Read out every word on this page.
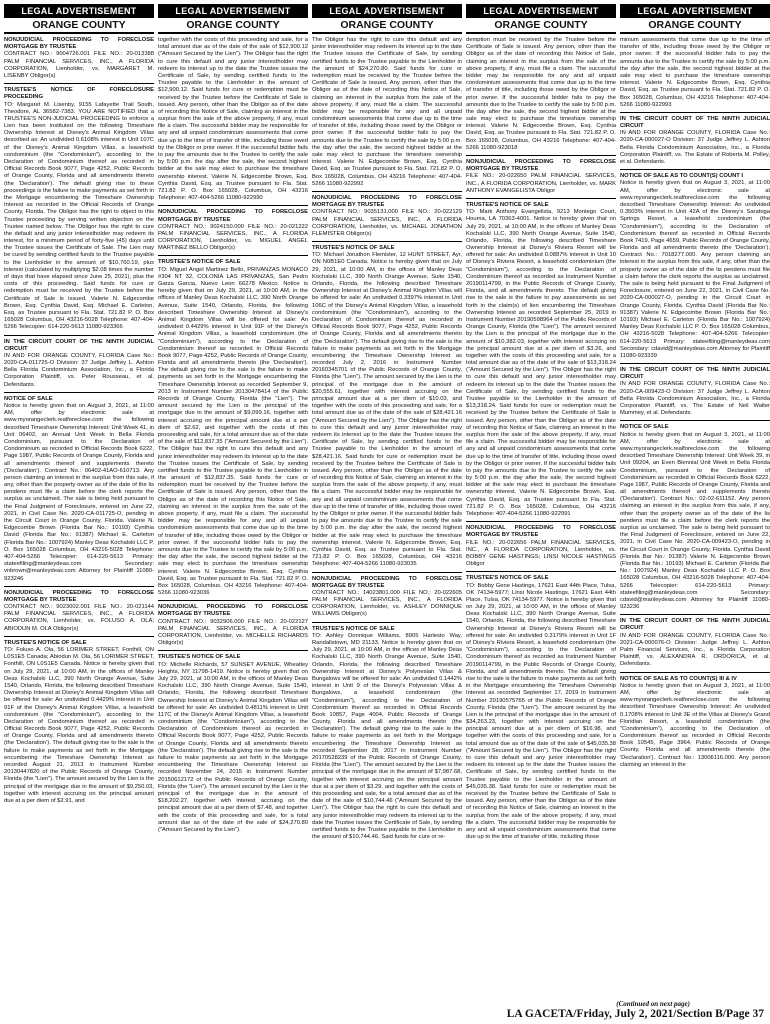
LEGAL ADVERTISEMENT
ORANGE COUNTY

NONJUDICIAL PROCEEDING TO FORECLOSE MORTGAGE BY TRUSTEE

CONTRACT NO.: 9004726.001 FILE NO.: 20-013388 PALM FINANCIAL SERVICES, INC., A FLORIDA CORPORATION, Lienholder, vs. MARGARET M. LISENBY Obligor(s)

TRUSTEE'S NOTICE OF FORECLOSURE PROCEEDING

TO: Margaret M. Lisenby, 9155 Lafayette Trail South, Theodore, AL 36582-7383. YOU ARE NOTIFIED that a TRUSTEE'S NON-JUDICIAL PROCEEDING to enforce a Lien has been instituted on the following Timeshare Ownership Interest at Disney's Animal Kingdom Villas described as: An undivided 0.6108% interest in Unit 107C of the Disney's Animal Kingdom Villas, a leasehold condominium (the "Condominium"), according to the Declaration of Condominium thereof as recorded in Official Records Book 9077, Page 4252, Public Records of Orange County, Florida and all amendments thereto (the 'Declaration'). The default giving rise to these proceedings is the failure to make payments as set forth in the Mortgage encumbering the Timeshare Ownership Interest as recorded in the Official Records of Orange County, Florida. The Obligor has the right to object to this Trustee proceeding by serving written objection on the Trustee named below. The Obligor has the right to cure the default and any junior interestholder may redeem its interest, for a minimum period of forty-five (45) days until the Trustee issues the Certificate of Sale. The Lien may be cured by sending certified funds to the Trustee payable to the Lienholder in the amount of $10,760.19, plus interest (calculated by multiplying $2.08 times the number of days that have elapsed since June 25, 2021), plus the costs of this proceeding. Said funds for cure or redemption must be received by the Trustee before the Certificate of Sale is issued. Valerie N. Edgecombe Brown, Esq. Cynthia David, Esq. Michael E. Carleton, Esq. as Trustee pursuant to Fla. Stat. 721.82 P. O. Box 165028 Columbus, OH 43216-5028 Telephone: 407-404-5266 Telecopier: 614-220-5613 11080-923366

IN THE CIRCUIT COURT OF THE NINTH JUDICIAL CIRCUIT

IN AND FOR ORANGE COUNTY, FLORIDA Case No.: 2020-CA-011725-O Division: 37 Judge Jeffrey L. Ashton Bella Florida Condominium Association, Inc., a Florida Corporation Plaintiff, vs. Peter Rousseau, et al. Defendants.

NOTICE OF SALE

Notice is hereby given that on August 3, 2021, at 11:00 AM, offer by electronic sale at www.myorangeclerk.realforeclose.com the following described Timeshare Ownership Interest: Unit Week 41, in Unit 06402, an Annual Unit Week in Bella Florida Condominium, pursuant to the Declaration of Condominium as recorded in Official Records Book 6222, Page 1987, Public Records of Orange County, Florida and all amendments thereof and supplements thereto ('Declaration'). Contract No.: 06402-41AO-610713. Any person claiming an interest in the surplus from this sale, if any, other than the property owner as of the date of the lis pendens must file a claim before the clerk reports the surplus as unclaimed. The sale is being held pursuant to the Final Judgment of Foreclosure, entered on June 22, 2021, in Civil Case No. 2020-CA-011725-O, pending in the Circuit Court in Orange County, Florida. Valerie N. Edgecombe Brown (Florida Bar No.: 10193) Cynthia David (Florida Bar No.: 91387) Michael E. Carleton (Florida Bar No.: 1007924) Manley Deas Kochalski LLC P. O. Box 165028 Columbus, OH 43216-5028 Telephone: 407-404-5266 Telecopier: 614-220-5613 Primary: stateefiling@manleydeas.com Secondary: vnbrown@manleydeas.com Attorney for Plaintiff 11080-923246

NONJUDICIAL PROCEEDING TO FORECLOSE MORTGAGE BY TRUSTEE

CONTRACT NO.: 9023002.001 FILE NO.: 20-021144 PALM FINANCIAL SERVICES, INC., A FLORIDA CORPORATION, Lienholder, vs. FOLUSO A. OLA; ABIODUN M. OLA Obligor(s)

TRUSTEE'S NOTICE OF SALE

TO: Foluso A. Ola, 56 LORIMER STREET, Fonthill, ON L0S1E5 Canada; Abiodun M. Ola, 56 LORIMER STREET, Fonthill, ON L0S1E5 Canada. Notice is hereby given that on July 29, 2021, at 10:00 AM, in the offices of Manley Deas Kochalski LLC, 390 North Orange Avenue, Suite 1540, Orlando, Florida, the following described Timeshare Ownership Interest at Disney's Animal Kingdom Villas will be offered for sale: An undivided 0.4429% interest in Unit 91F of the Disney's Animal Kingdom Villas, a leasehold condominium (the "Condominium"), according to the Declaration of Condominium thereof as recorded in Official Records Book 9077, Page 4252, Public Records of Orange County, Florida and all amendments thereto (the 'Declaration'). The default giving rise to the sale is the failure to make payments as set forth in the Mortgage encumbering the Timeshare Ownership Interest as recorded August 21, 2013 in Instrument Number 20130447820 of the Public Records of Orange County, Florida (the "Lien"). The amount secured by the Lien is the principal of the mortgage due in the amount of $9,250.03, together with interest accruing on the principal amount due at a per diem of $2.91, and

LEGAL ADVERTISEMENT
ORANGE COUNTY

together with the costs of this proceeding and sale, for a total amount due as of the date of the sale of $12,900.12 ("Amount Secured by the Lien"). The Obligor has the right to cure this default and any junior interestholder may redeem its interest up to the date the Trustee issues the Certificate of Sale, by sending certified funds to the Trustee payable to the Lienholder in the amount of $12,900.12. Said funds for cure or redemption must be received by the Trustee before the Certificate of Sale is issued. Any person, other than the Obligor as of the date of recording this Notice of Sale, claiming an interest in the surplus from the sale of the above property, if any, must file a claim. The successful bidder may be responsible for any and all unpaid condominium assessments that come due up to the time of transfer of title, including those owed by the Obligor or prior owner. If the successful bidder fails to pay the amounts due to the Trustee to certify the sale by 5:00 p.m. the day after the sale, the second highest bidder at the sale may elect to purchase the timeshare ownership interest. Valerie N. Edgecombe Brown, Esq. Cynthia David, Esq. as Trustee pursuant to Fla. Stat. 721.82 P. O. Box 165028, Columbus, OH 43216 Telephone: 407-404-5266 11080-922990

NONJUDICIAL PROCEEDING TO FORECLOSE MORTGAGE BY TRUSTEE

CONTRACT NO.: 9024150.000 FILE NO.: 20-021222 PALM FINANCIAL SERVICES, INC., A FLORIDA CORPORATION, Lienholder, vs. MIGUEL ANGEL MARTINEZ BELLO Obligor(s)

TRUSTEE'S NOTICE OF SALE

TO: Miguel Angel Martinez Bello, PRIVANZAS MONACO #304 NT 32, COLONIA LAS PRIVANZAS, San Pedro Garza Garcia, Nuevo Leon 66278 Mexico. Notice is hereby given that on July 29, 2021, at 10:00 AM, in the offices of Manley Deas Kochalski LLC, 390 North Orange Avenue, Suite 1540, Orlando, Florida, the following described Timeshare Ownership Interest at Disney's Animal Kingdom Villas will be offered for sale: An undivided 0.4429% interest in Unit 91F of the Disney's Animal Kingdom Villas, a leasehold condominium (the "Condominium"), according to the Declaration of Condominium thereof as recorded in Official Records Book 9077, Page 4252, Public Records of Orange County, Florida and all amendments thereto (the 'Declaration'). The default giving rise to the sale is the failure to make payments as set forth in the Mortgage encumbering the Timeshare Ownership Interest as recorded September 9, 2013 in Instrument Number 20130478414 of the Public Records of Orange County, Florida (the "Lien"). The amount secured by the Lien is the principal of the mortgage due in the amount of $9,099.16, together with interest accruing on the principal amount due at a per diem of $2.62, and together with the costs of this proceeding and sale, for a total amount due as of the date of the sale of $12,837.35 ("Amount Secured by the Lien"). The Obligor has the right to cure this default and any junior interestholder may redeem its interest up to the date the Trustee issues the Certificate of Sale, by sending certified funds to the Trustee payable to the Lienholder in the amount of $12,837.35. Said funds for cure or redemption must be received by the Trustee before the Certificate of Sale is issued. Any person, other than the Obligor as of the date of recording this Notice of Sale, claiming an interest in the surplus from the sale of the above property, if any, must file a claim. The successful bidder may be responsible for any and all unpaid condominium assessments that come due up to the time of transfer of title, including those owed by the Obligor or prior owner. If the successful bidder fails to pay the amounts due to the Trustee to certify the sale by 5:00 p.m. the day after the sale, the second highest bidder at the sale may elect to purchase the timeshare ownership interest. Valerie N. Edgecombe Brown, Esq. Cynthia David, Esq. as Trustee pursuant to Fla. Stat. 721.82 P. O. Box 165028, Columbus, OH 43216 Telephone: 407-404-5266 11080-923036

NONJUDICIAL PROCEEDING TO FORECLOSE MORTGAGE BY TRUSTEE

CONTRACT NO.: 9032906.000 FILE NO.: 20-022127 PALM FINANCIAL SERVICES, INC., A FLORIDA CORPORATION, Lienholder, vs. MICHELLE RICHARDS Obligor(s)

TRUSTEE'S NOTICE OF SALE

TO: Michelle Richards, 57 SUNSET AVENUE, Wheatley Heights, NY 11798-1419. Notice is hereby given that on July 29, 2021, at 10:00 AM, in the offices of Manley Deas Kochalski LLC, 390 North Orange Avenue, Suite 1540, Orlando, Florida, the following described Timeshare Ownership Interest at Disney's Animal Kingdom Villas will be offered for sale: An undivided 0.4811% interest in Unit 117C of the Disney's Animal Kingdom Villas, a leasehold condominium (the "Condominium"), according to the Declaration of Condominium thereof as recorded in Official Records Book 9077, Page 4252, Public Records of Orange County, Florida and all amendments thereto (the 'Declaration'). The default giving rise to the sale is the failure to make payments as set forth in the Mortgage encumbering the Timeshare Ownership Interest as recorded November 24, 2015 in Instrument Number 20150612172 of the Public Records of Orange County, Florida (the "Lien"). The amount secured by the Lien is the principal of the mortgage due in the amount of $18,202.27, together with interest accruing on the principal amount due at a per diem of $7.48, and together with the costs of this proceeding and sale, for a total amount due as of the date of the sale of $24,270.80 ("Amount Secured by the Lien").

LEGAL ADVERTISEMENT
ORANGE COUNTY

The Obligor has the right to cure this default and any junior interestholder may redeem its interest up to the date the Trustee issues the Certificate of Sale, by sending certified funds to the Trustee payable to the Lienholder in the amount of $24,270.80. Said funds for cure or redemption must be received by the Trustee before the Certificate of Sale is issued. Any person, other than the Obligor as of the date of recording this Notice of Sale, claiming an interest in the surplus from the sale of the above property, if any, must file a claim. The successful bidder may be responsible for any and all unpaid condominium assessments that come due up to the time of transfer of title, including those owed by the Obligor or prior owner. If the successful bidder fails to pay the amounts due to the Trustee to certify the sale by 5:00 p.m. the day after the sale, the second highest bidder at the sale may elect to purchase the timeshare ownership interest. Valerie N. Edgecombe Brown, Esq. Cynthia David, Esq. as Trustee pursuant to Fla. Stat. 721.82 P. O. Box 165028, Columbus, OH 43216 Telephone: 407-404-5266 11080-922992

NONJUDICIAL PROCEEDING TO FORECLOSE MORTGAGE BY TRUSTEE

CONTRACT NO.: 9035131.000 FILE NO.: 20-022129 PALM FINANCIAL SERVICES, INC., A FLORIDA CORPORATION, Lienholder, vs. MICHAEL JONATHON FLEMISTER Obligor(s)

TRUSTEE'S NOTICE OF SALE

TO: Michael Jonathon Flemister, 12 HUNT STREET, Ayr, ON N0B1E0 Canada. Notice is hereby given that on July 29, 2021, at 10:00 AM, in the offices of Manley Deas Kochalski LLC, 390 North Orange Avenue, Suite 1540, Orlando, Florida, the following described Timeshare Ownership Interest at Disney's Animal Kingdom Villas will be offered for sale: An undivided 0.3397% interest in Unit 106C of the Disney's Animal Kingdom Villas, a leasehold condominium (the "Condominium"), according to the Declaration of Condominium thereof as recorded in Official Records Book 9077, Page 4252, Public Records of Orange County, Florida and all amendments thereto (the 'Declaration'). The default giving rise to the sale is the failure to make payments as set forth in the Mortgage encumbering the Timeshare Ownership Interest as recorded July 2, 2016 in Instrument Number 20160345701 of the Public Records of Orange County, Florida (the "Lien"). The amount secured by the Lien is the principal of the mortgage due in the amount of $20,555.61, together with interest accruing on the principal amount due at a per diem of $10.03, and together with the costs of this proceeding and sale, for a total amount due as of the date of the sale of $28,421.16 ("Amount Secured by the Lien"). The Obligor has the right to cure this default and any junior interestholder may redeem its interest up to the date the Trustee issues the Certificate of Sale, by sending certified funds to the Trustee payable to the Lienholder in the amount of $28,421.16. Said funds for cure or redemption must be received by the Trustee before the Certificate of Sale is issued. Any person, other than the Obligor as of the date of recording this Notice of Sale, claiming an interest in the surplus from the sale of the above property, if any, must file a claim. The successful bidder may be responsible for any and all unpaid condominium assessments that come due up to the time of transfer of title, including those owed by the Obligor or prior owner. If the successful bidder fails to pay the amounts due to the Trustee to certify the sale by 5:00 p.m. the day after the sale, the second highest bidder at the sale may elect to purchase the timeshare ownership interest. Valerie N. Edgecombe Brown, Esq. Cynthia David, Esq. as Trustee pursuant to Fla. Stat. 721.82 P. O. Box 165028, Columbus, OH 43216 Telephone: 407-404-5266 11080-923035

NONJUDICIAL PROCEEDING TO FORECLOSE MORTGAGE BY TRUSTEE

CONTRACT NO.: 14023801.000 FILE NO.: 20-022605 PALM FINANCIAL SERVICES, INC., A FLORIDA CORPORATION, Lienholder, vs. ASHLEY DONNIQUE WILLIAMS Obligor(s)

TRUSTEE'S NOTICE OF SALE

TO: Ashley Donnique Williams, 8905 Harlesto Way, Randallstown, MD 21133. Notice is hereby given that on July 29, 2021, at 10:00 AM, in the offices of Manley Deas Kochalski LLC, 390 North Orange Avenue, Suite 1540, Orlando, Florida, the following described Timeshare Ownership Interest at Disney's Polynesian Villas & Bungalows will be offered for sale: An undivided 0.1442% interest in Unit 9 of the Disney's Polynesian Villas & Bungalows, a leasehold condominium (the "Condominium"), according to the Declaration of Condominium thereof as recorded in Official Records Book 10857, Page 4004, Public Records of Orange County, Florida and all amendments thereto (the 'Declaration'). The default giving rise to the sale is the failure to make payments as set forth in the Mortgage encumbering the Timeshare Ownership Interest as recorded September 28, 2017 in Instrument Number 20170528239 of the Public Records of Orange County, Florida (the "Lien"). The amount secured by the Lien is the principal of the mortgage due in the amount of $7,987.68, together with interest accruing on the principal amount due at a per diem of $3.29, and together with the costs of this proceeding and sale, for a total amount due as of the date of the sale of $10,744.46 ("Amount Secured by the Lien"). The Obligor has the right to cure this default and any junior interestholder may redeem its interest up to the date the Trustee issues the Certificate of Sale, by sending certified funds to the Trustee payable to the Lienholder in the amount of $10,744.46. Said funds for cure or re-

LEGAL ADVERTISEMENT
ORANGE COUNTY

demption must be received by the Trustee before the Certificate of Sale is issued. Any person, other than the Obligor as of the date of recording this Notice of Sale, claiming an interest in the surplus from the sale of the above property, if any, must file a claim. The successful bidder may be responsible for any and all unpaid condominium assessments that come due up to the time of transfer of title, including those owed by the Obligor or prior owner. If the successful bidder fails to pay the amounts due to the Trustee to certify the sale by 5:00 p.m. the day after the sale, the second highest bidder at the sale may elect to purchase the timeshare ownership interest. Valerie N. Edgecombe Brown, Esq. Cynthia David, Esq. as Trustee pursuant to Fla. Stat. 721.82 P. O. Box 165028, Columbus, OH 43216 Telephone: 407-404-5266 11080-923018

NONJUDICIAL PROCEEDING TO FORECLOSE MORTGAGE BY TRUSTEE

FILE NO.: 20-022650 PALM FINANCIAL SERVICES, INC., A FLORIDA CORPORATION, Lienholder, vs. MARK ANTHONY EVANGELISTA Obligor

TRUSTEE'S NOTICE OF SALE

TO: Mark Anthony Evangelista, 9213 Montego Court, Houma, LA 70363-4001. Notice is hereby given that on July 29, 2021, at 10:00 AM, in the offices of Manley Deas Kochalski LLC, 390 North Orange Avenue, Suite 1540, Orlando, Florida, the following described Timeshare Ownership Interest at Disney's Riviera Resort will be offered for sale: An undivided 0.0887% interest in Unit 10 of Disney's Riviera Resort, a leasehold condominium (the "Condominium"), according to the Declaration of Condominium thereof as recorded as Instrument Number 20190114799, in the Public Records of Orange County, Florida, and all amendments thereto. The default giving rise to the sale is the failure to pay assessments as set forth in the claim(s) of lien encumbering the Timeshare Ownership Interest as recorded September 25, 2019 in Instrument Number 20190598964 of the Public Records of Orange County, Florida (the "Lien"). The amount secured by the Lien is the principal of the mortgage due in the amount of $10,382.03, together with interest accruing on the principal amount due at a per diem of $3.26, and together with the costs of this proceeding and sale, for a total amount due as of the date of the sale of $13,318.24 ("Amount Secured by the Lien"). The Obligor has the right to cure this default and any junior interestholder may redeem its interest up to the date the Trustee issues the Certificate of Sale, by sending certified funds to the Trustee payable to the Lienholder in the amount of $13,318.24. Said funds for cure or redemption must be received by the Trustee before the Certificate of Sale is issued. Any person, other than the Obligor as of the date of recording this Notice of Sale, claiming an interest in the surplus from the sale of the above property, if any, must file a claim. The successful bidder may be responsible for any and all unpaid condominium assessments that come due up to the time of transfer of title, including those owed by the Obligor or prior owner. If the successful bidder fails to pay the amounts due to the Trustee to certify the sale by 5:00 p.m. the day after the sale, the second highest bidder at the sale may elect to purchase the timeshare ownership interest. Valerie N. Edgecombe Brown, Esq. Cynthia David, Esq. as Trustee pursuant to Fla. Stat. 721.82 P. O. Box 165028, Columbus, OH 43216 Telephone: 407-404-5266 11080-922991

NONJUDICIAL PROCEEDING TO FORECLOSE MORTGAGE BY TRUSTEE

FILE NO.: 20-022656 PALM FINANCIAL SERVICES, INC., A FLORIDA CORPORATION, Lienholder, vs. BOBBY GENE HASTINGS; LINSI NICOLE HASTINGS Obligor

TRUSTEE'S NOTICE OF SALE

TO: Bobby Gene Hastings, 17621 East 44th Place, Tulsa, OK 74134-5977; Linsi Nicole Hastings, 17621 East 44th Place, Tulsa, OK 74134-5977. Notice is hereby given that on July 29, 2021, at 10:00 AM, in the offices of Manley Deas Kochalski LLC, 390 North Orange Avenue, Suite 1540, Orlando, Florida, the following described Timeshare Ownership Interest at Disney's Riviera Resort will be offered for sale: An undivided 0.3179% interest in Unit 1F of Disney's Riviera Resort, a leasehold condominium (the "Condominium"), according to the Declaration of Condominium thereof as recorded as Instrument Number 20190114799, in the Public Records of Orange County, Florida, and all amendments thereto. The default giving rise to the sale is the failure to make payments as set forth in the Mortgage encumbering the Timeshare Ownership Interest as recorded September 17, 2019 in Instrument Number 20190575765 of the Public Records of Orange County, Florida (the "Lien"). The amount secured by the Lien is the principal of the mortgage due in the amount of $34,263.23, together with interest accruing on the principal amount due at a per diem of $16.98, and together with the costs of this proceeding and sale, for a total amount due as of the date of the sale of $45,035.38 ("Amount Secured by the Lien"). The Obligor has the right to cure this default and any junior interestholder may redeem its interest up to the date the Trustee issues the Certificate of Sale, by sending certified funds to the Trustee payable to the Lienholder in the amount of $45,035.38. Said funds for cure or redemption must be received by the Trustee before the Certificate of Sale is issued. Any person, other than the Obligor as of the date of recording this Notice of Sale, claiming an interest in the surplus from the sale of the above property, if any, must file a claim. The successful bidder may be responsible for any and all unpaid condominium assessments that come due up to the time of transfer of title, including those

LEGAL ADVERTISEMENT
ORANGE COUNTY

minium assessments that come due up to the time of transfer of title, including those owed by the Obligor or prior owner. If the successful bidder fails to pay the amounts due to the Trustee to certify the sale by 5:00 p.m. the day after the sale, the second highest bidder at the sale may elect to purchase the timeshare ownership interest. Valerie N. Edgecombe Brown, Esq. Cynthia David, Esq. as Trustee pursuant to Fla. Stat. 721.82 P. O. Box 165028, Columbus, OH 43216 Telephone: 407-404-5266 11080-922993

IN THE CIRCUIT COURT OF THE NINTH JUDICIAL CIRCUIT

IN AND FOR ORANGE COUNTY, FLORIDA Case No.: 2020-CA-000027-O Division: 37 Judge Jeffrey L. Ashton Bella Florida Condominium Association, Inc., a Florida Corporation Plaintiff, vs. The Estate of Roberta M. Polley, et al. Defendants.

NOTICE OF SALE AS TO COUNT(S) COUNT I

Notice is hereby given that on August 3, 2021, at 11:00 AM, offer by electronic sale at www.myorangeclerk.realforeclose.com the following described Timeshare Ownership Interest: An undivided 0.3503% interest in Unit 42A of the Disney's Saratoga Springs Resort, a leasehold condominium (the "Condominium"), according to the Declaration of Condominium thereof as recorded in Official Records Book 7419, Page 4659, Public Records of Orange County, Florida and all amendments thereto (the 'Declaration'). Contract No.: 7018277.000. Any person claiming an interest in the surplus from this sale, if any, other than the property owner as of the date of the lis pendens must file a claim before the clerk reports the surplus as unclaimed. The sale is being held pursuant to the Final Judgment of Foreclosure, entered on June 22, 2021, in Civil Case No. 2020-CA-000027-O, pending in the Circuit Court in Orange County, Florida. Cynthia David (Florida Bar No.: 91387) Valerie N. Edgecombe Brown (Florida Bar No.: 10193) Michael E. Carleton (Florida Bar No.: 1007924) Manley Deas Kochalski LLC P. O. Box 165028 Columbus, OH 43216-5028 Telephone: 407-404-5266 Telecopier: 614-220-5613 Primary: stateefiling@manleydeas.com Secondary: cdavid@manleydeas.com Attorney for Plaintiff 11080-923339

IN THE CIRCUIT COURT OF THE NINTH JUDICIAL CIRCUIT

IN AND FOR ORANGE COUNTY, FLORIDA Case No.: 2020-CA-009423-O Division: 37 Judge Jeffrey L. Ashton Bella Florida Condominium Association, Inc., a Florida Corporation Plaintiff, vs. The Estate of Neil Walter Mummey, et al. Defendants.

NOTICE OF SALE

Notice is hereby given that on August 3, 2021, at 11:00 AM, offer by electronic sale at www.myorangeclerk.realforeclose.com the following described Timeshare Ownership Interest: Unit Week 39, in Unit 09204, an Even Biennial Unit Week in Bella Florida Condominium, pursuant to the Declaration of Condominium as recorded in Official Records Book 6222, Page 1987, Public Records of Orange County, Florida and all amendments thereof and supplements thereto ('Declaration'). Contract No.: 02-02-611152. Any person claiming an interest in the surplus from this sale, if any, other than the property owner as of the date of the lis pendens must file a claim before the clerk reports the surplus as unclaimed. The sale is being held pursuant to the Final Judgment of Foreclosure, entered on June 22, 2021, in Civil Case No. 2020-CA-009423-O, pending in the Circuit Court in Orange County, Florida. Cynthia David (Florida Bar No.: 91387) Valerie N. Edgecombe Brown (Florida Bar No.: 10193) Michael E. Carleton (Florida Bar No.: 1007924) Manley Deas Kochalski LLC P. O. Box 165028 Columbus, OH 43216-5028 Telephone: 407-404-5266 Telecopier: 614-220-5613 Primary: stateefiling@manleydeas.com Secondary: cdavid@manleydeas.com Attorney for Plaintiff 11080-923236

IN THE CIRCUIT COURT OF THE NINTH JUDICIAL CIRCUIT

IN AND FOR ORANGE COUNTY, FLORIDA Case No.: 2021-CA-000076-O Division: Judge Jeffrey L. Ashton Palm Financial Services, Inc., a Florida Corporation Plaintiff, vs. ALEXANDRA R. ORDORICA, et al. Defendants.

NOTICE OF SALE AS TO COUNT(S) III & IV

Notice is hereby given that on August 3, 2021, at 11:00 AM, offer by electronic sale at www.myorangeclerk.realforeclose.com the following described Timeshare Ownership Interest: An undivided 0.1708% interest in Unit 3E of the Villas at Disney's Grand Floridian Resort, a leasehold condominium (the "Condominium"), according to the Declaration of Condominium thereof as recorded in Official Records Book 10545, Page 3964, Public Records of Orange County, Florida and all amendments thereto (the 'Declaration'). Contract No.: 13006116.000. Any person claiming an interest in the

(Continued on next page)
LA GACETA/Friday, July 2, 2021/Section B/Page 37
